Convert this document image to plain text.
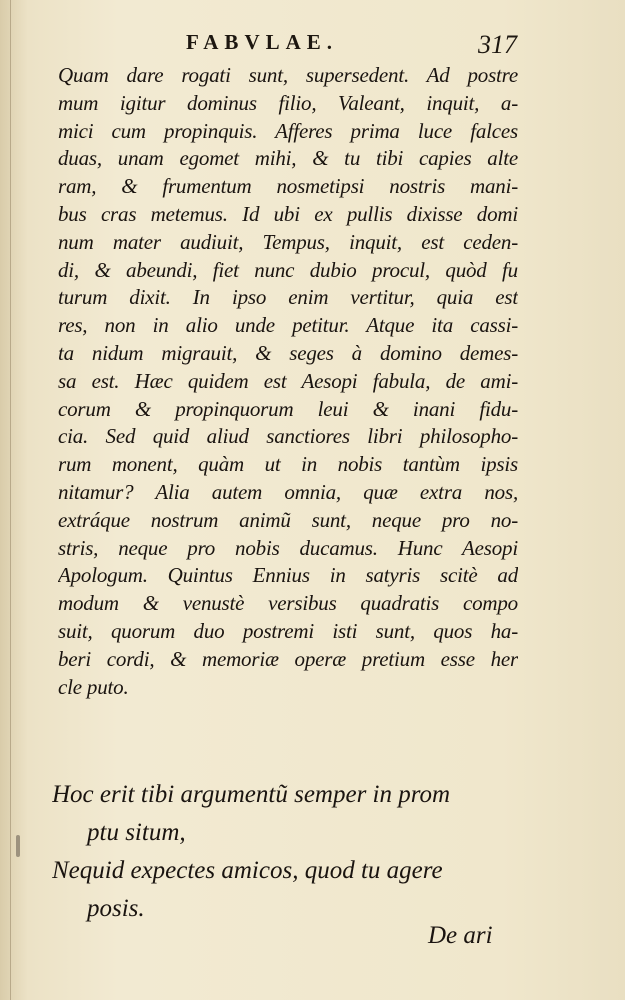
FABVLAE.	317
Quam dare rogati sunt, supersedent. Ad postre
mum igitur dominus filio, Valeant, inquit, a-
mici cum propinquis. Afferes prima luce falces
duas, unam egomet mihi, & tu tibi capies alte
ram, & frumentum nosmetipsi nostris mani-
bus cras metemus. Id ubi ex pullis dixisse domi
num mater audiuit, Tempus, inquit, est ceden-
di, & abeundi, fiet nunc dubio procul, quòd fu
turum dixit. In ipso enim vertitur, quia est
res, non in alio unde petitur. Atque ita cassi-
ta nidum migrauit, & seges à domino demes-
sa est. Hæc quidem est Aesopi fabula, de ami-
corum & propinquorum leui & inani fidu-
cia. Sed quid aliud sanctiores libri philosopho-
rum monent, quàm ut in nobis tantùm ipsis
nitamur? Alia autem omnia, quæ extra nos,
extráque nostrum animũ sunt, neque pro no-
stris, neque pro nobis ducamus. Hunc Aesopi
Apologum. Quintus Ennius in satyris scitè ad
modum & venustè versibus quadratis compo
suit, quorum duo postremi isti sunt, quos ha-
beri cordi, & memoriæ operæ pretium esse her
cle puto.
Hoc erit tibi argumentũ semper in prom
ptu situm,
Nequid expectes amicos, quod tu agere
posis.
De ari
